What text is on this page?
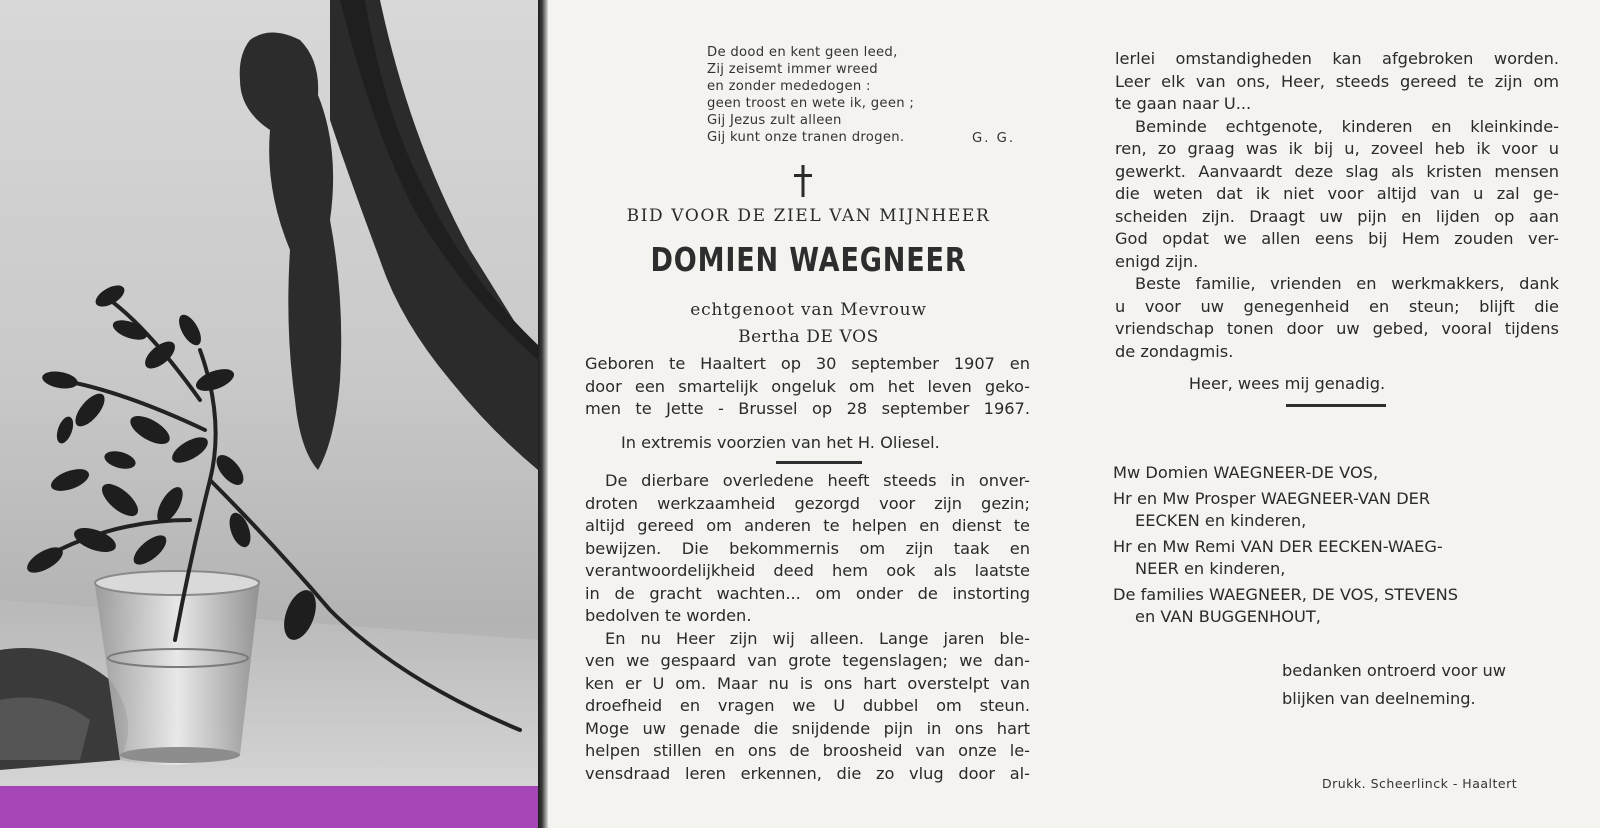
De dood en kent geen leed,
Zij zeisemt immer wreed
en zonder mededogen :
geen troost en wete ik, geen ;
Gij Jezus zult alleen
Gij kunt onze tranen drogen.	G. G.
BID VOOR DE ZIEL VAN MIJNHEER
DOMIEN WAEGNEER
echtgenoot van Mevrouw
Bertha DE VOS
Geboren te Haaltert op 30 september 1907 en
door een smartelijk ongeluk om het leven geko-
men te Jette - Brussel op 28 september 1967.
In extremis voorzien van het H. Oliesel.
De dierbare overledene heeft steeds in onver-
droten werkzaamheid gezorgd voor zijn gezin;
altijd gereed om anderen te helpen en dienst te
bewijzen. Die bekommernis om zijn taak en
verantwoordelijkheid deed hem ook als laatste
in de gracht wachten... om onder de instorting
bedolven te worden.
En nu Heer zijn wij alleen. Lange jaren ble-
ven we gespaard van grote tegenslagen; we dan-
ken er U om. Maar nu is ons hart overstelpt van
droefheid en vragen we U dubbel om steun.
Moge uw genade die snijdende pijn in ons hart
helpen stillen en ons de broosheid van onze le-
vensdraad leren erkennen, die zo vlug door al-
lerlei omstandigheden kan afgebroken worden.
Leer elk van ons, Heer, steeds gereed te zijn om
te gaan naar U...
Beminde echtgenote, kinderen en kleinkinde-
ren, zo graag was ik bij u, zoveel heb ik voor u
gewerkt. Aanvaardt deze slag als kristen mensen
die weten dat ik niet voor altijd van u zal ge-
scheiden zijn. Draagt uw pijn en lijden op aan
God opdat we allen eens bij Hem zouden ver-
enigd zijn.
Beste familie, vrienden en werkmakkers, dank
u voor uw genegenheid en steun; blijft die
vriendschap tonen door uw gebed, vooral tijdens
de zondagmis.
Heer, wees mij genadig.
Mw Domien WAEGNEER-DE VOS,
Hr en Mw Prosper WAEGNEER-VAN DER
EECKEN en kinderen,
Hr en Mw Remi VAN DER EECKEN-WAEG-
NEER en kinderen,
De families WAEGNEER, DE VOS, STEVENS
en VAN BUGGENHOUT,
bedanken ontroerd voor uw
blijken van deelneming.
Drukk. Scheerlinck - Haaltert
